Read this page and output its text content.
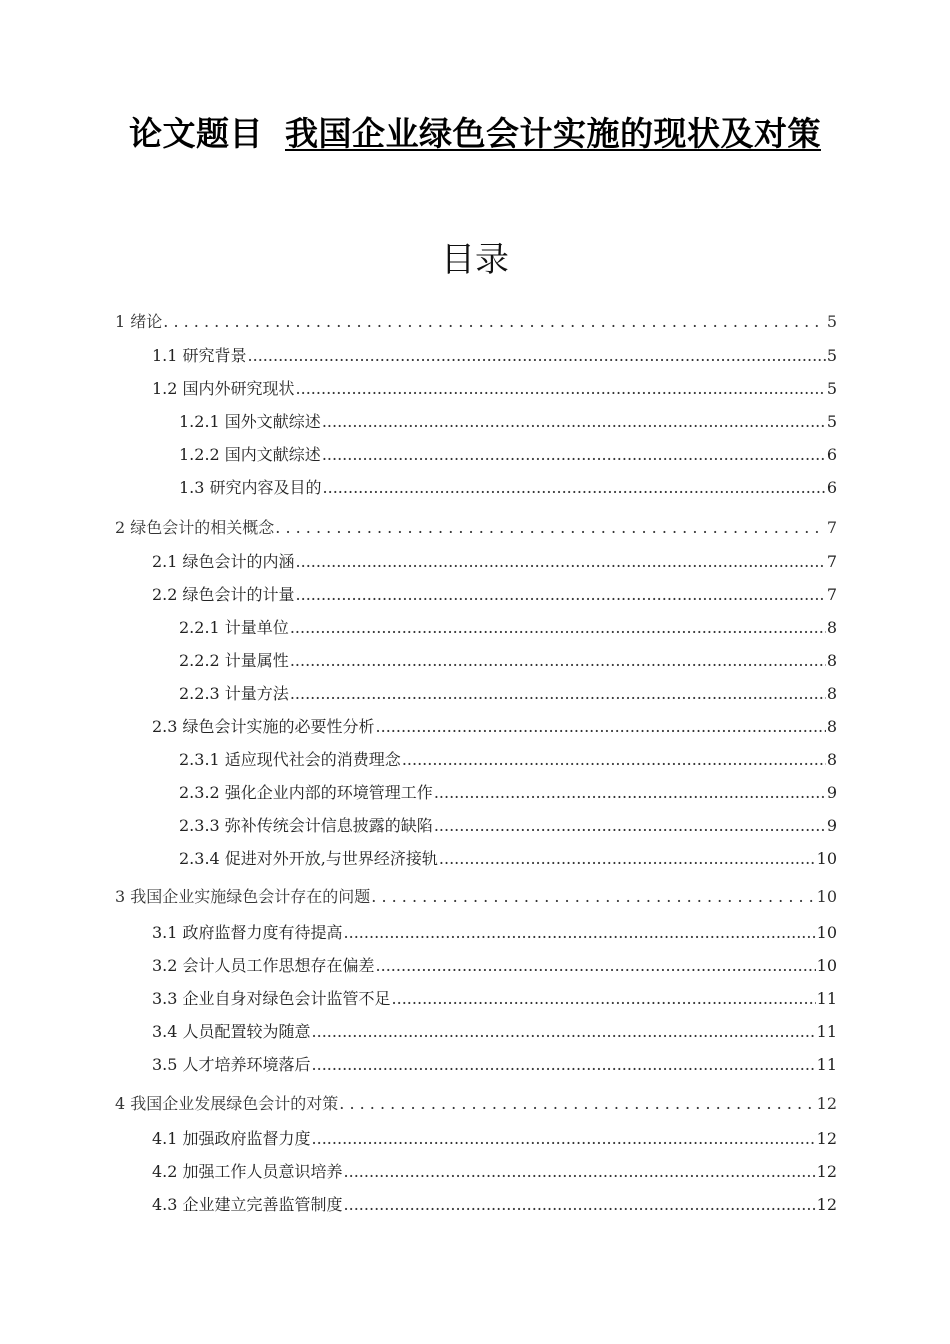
论文题目 我国企业绿色会计实施的现状及对策
目录
1 绪论 . . .	5
1.1 研究背景 .....	5
1.2 国内外研究现状 .....	5
1.2.1 国外文献综述 .....	5
1.2.2 国内文献综述 .....	6
1.3 研究内容及目的 .....	6
2 绿色会计的相关概念 . . .	7
2.1 绿色会计的内涵 .....	7
2.2 绿色会计的计量 .....	7
2.2.1 计量单位 .....	8
2.2.2 计量属性 .....	8
2.2.3 计量方法 .....	8
2.3 绿色会计实施的必要性分析 .....	8
2.3.1 适应现代社会的消费理念 .....	8
2.3.2 强化企业内部的环境管理工作 .....	9
2.3.3 弥补传统会计信息披露的缺陷 .....	9
2.3.4 促进对外开放,与世界经济接轨 .....	10
3 我国企业实施绿色会计存在的问题 . . .	10
3.1 政府监督力度有待提高 .....	10
3.2 会计人员工作思想存在偏差 .....	10
3.3 企业自身对绿色会计监管不足 .....	11
3.4 人员配置较为随意 .....	11
3.5 人才培养环境落后 .....	11
4 我国企业发展绿色会计的对策 . . .	12
4.1 加强政府监督力度 .....	12
4.2 加强工作人员意识培养 .....	12
4.3 企业建立完善监管制度 .....	12
